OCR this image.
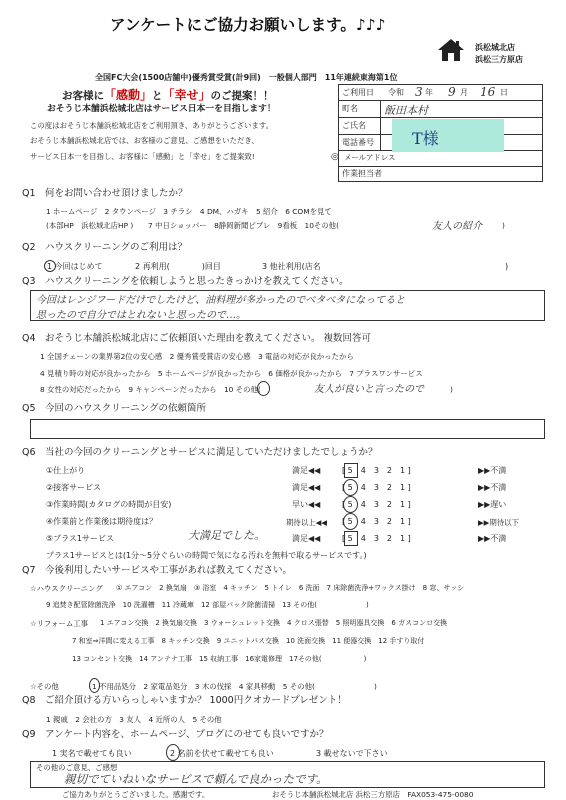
アンケートにご協力お願いします。♪♪♪
浜松城北店
浜松三方原店
全国FC大会(1500店舗中)優秀賞受賞(計9回)　一般個人部門　11年連続東海第1位
お客様に「感動」と「幸せ」のご提案！！
おそうじ本舗浜松城北店はサービス日本一を目指します！
この度はおそうじ本舗浜松城北店をご利用頂き、ありがとうございます。
おそうじ本舗浜松城北店では、お客様のご意見、ご感想をいただき、
サービス日本一を目指し、お客様に「感動」と「幸せ」をご提案致!
ご利用日 令和 3 年 9 月 16 日
町名 飯田本村
ご氏名
T様
電話番号
◎ メールアドレス
作業担当者
Q1　何をお問い合わせ頂けましたか？
1 ホームページ　2 タウンページ　3 チラシ　4 DM、ハガキ　5 紹介　6 COMを見て
(本部HP　浜松城北店HP )　　7 中日ショッパー　8静岡新聞ピブレ　9看板　10その他(	友人の紹介	)
Q2　ハウスクリーニングのご利用は？
1 今回はじめて	2 再利用(　　　　)回目	3 他社利用(店名	)
Q3　ハウスクリーニングを依頼しようと思ったきっかけを教えてください。
今回はレンジフードだけでしたけど、油料理が多かったのでベタベタになってると
思ったので自分ではとれないと思ったので…。
Q4　おそうじ本舗浜松城北店にご依頼頂いた理由を教えてください。 複数回答可
1 全国チェーンの業界第2位の安心感　2 優秀賞受賞店の安心感　3 電話の対応が良かったから
4 見積り時の対応が良かったから　5 ホームページが良かったから　6 価格が良かったから　7 プラスワンサービス
8 女性の対応だったから　9 キャンペーンだったから　10 その他(	友人が良いと言ったので	)
Q5　今回のハウスクリーニングの依頼箇所
Q6　当社の今回のクリーニングとサービスに満足していただけましたでしょうか？
①仕上がり	満足◀◀	[ 5　4　3　2　1 ]	▶▶不満
②接客サービス	満足◀◀	[ 5　4　3　2　1 ]	▶▶不満
③作業時間(カタログの時間が目安)	早い◀◀	[ 5　4　3　2　1 ]	▶▶遅い
④作業前と作業後は期待度は？	期待以上◀◀ [ 5　4　3　2　1 ]	▶▶期待以下
⑤プラス1サービス	大満足でした。	満足◀◀	[ 5　4　3　2　1 ]	▶▶不満
プラス1サービスとは(1分～5分ぐらいの時間で気になる汚れを無料で取るサービスです。)
Q7　今後利用したいサービスや工事があれば教えてください。
☆ハウスクリーニング ① エアコン　2 換気扇　③ 浴室　4 キッチン　5 トイレ　6 洗面　7 床除菌洗浄+ワックス掛け　8 窓、サッシ
9 追焚き配管除菌洗浄　10 洗濯槽　11 冷蔵庫　12 部屋パック除菌清掃　13 その他(　　　　　　　)
☆リフォーム工事 1 エアコン交換　2 換気扇交換　3 ウォーシュレット交換　4 クロス張替　5 照明器具交換　6 ガスコンロ交換
7 和室⇒洋間に変える工事　8 キッチン交換　9 ユニットバス交換　10 洗面交換　11 便器交換　12 手すり取付
13 コンセント交換　14 アンテナ工事　15 収納工事　16家電修理　17その他(　　　　　　)
☆その他	1 不用品処分　2 家電品処分　3 木の伐採　4 家具移動　5 その他(　　　　　　　　)
Q8　ご紹介頂ける方いらっしゃいますか？ 1000円クオカードプレゼント！
1 親戚　2 会社の方　3 友人　4 近所の人　5 その他
Q9　アンケート内容を、ホームページ、ブログにのせても良いですか？
1 実名で載せても良い	2 名前を伏せて載せても良い	3 載せないで下さい
その他のご意見、ご感想
親切でていねいなサービスで頼んで良かったです。
ご協力ありがとうございました。感謝です。	おそうじ本舗浜松城北店 浜松三方原店　FAX053-475-0080
